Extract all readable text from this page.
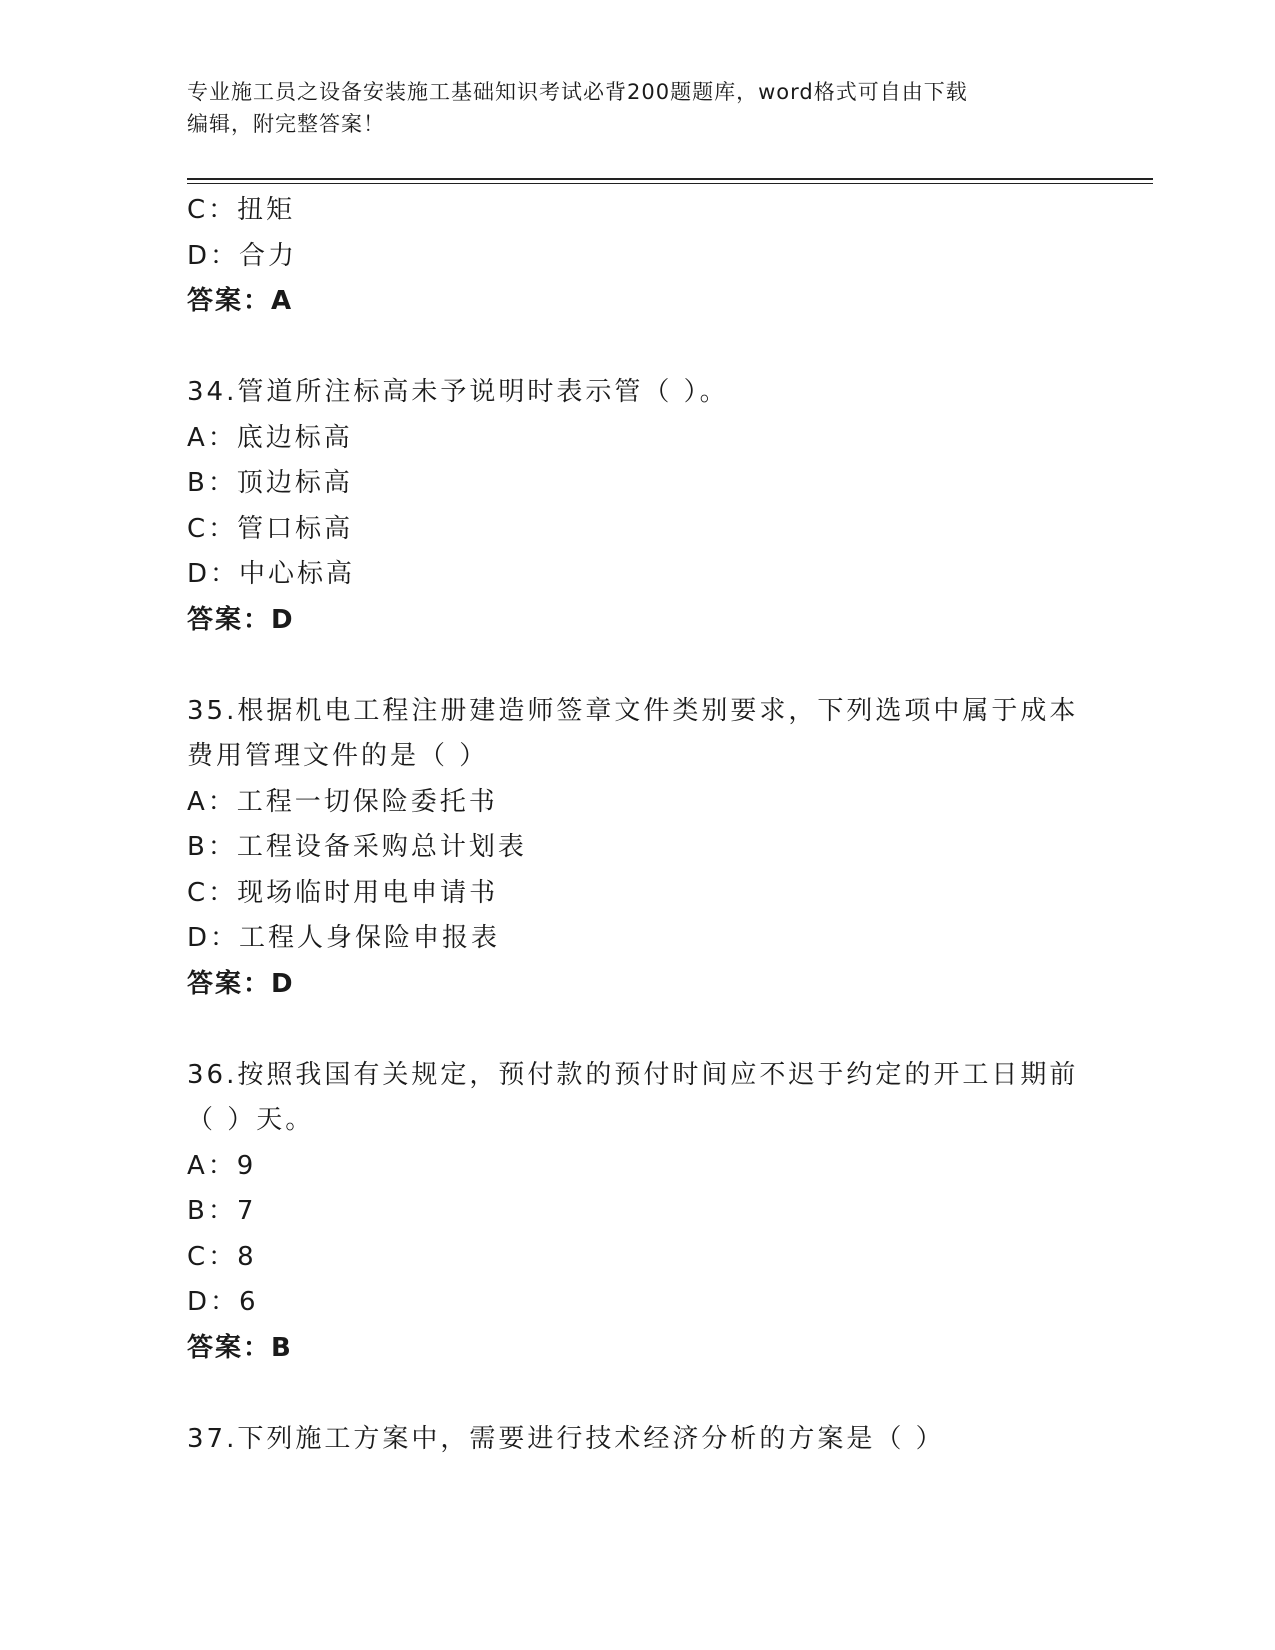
专业施工员之设备安装施工基础知识考试必背200题题库，word格式可自由下载
编辑，附完整答案！
C：扭矩
D：合力
答案：A
34.管道所注标高未予说明时表示管（ ）。
A：底边标高
B：顶边标高
C：管口标高
D：中心标高
答案：D
35.根据机电工程注册建造师签章文件类别要求，下列选项中属于成本
费用管理文件的是（ ）
A：工程一切保险委托书
B：工程设备采购总计划表
C：现场临时用电申请书
D：工程人身保险申报表
答案：D
36.按照我国有关规定，预付款的预付时间应不迟于约定的开工日期前
（ ）天。
A：9
B：7
C：8
D：6
答案：B
37.下列施工方案中，需要进行技术经济分析的方案是（ ）
